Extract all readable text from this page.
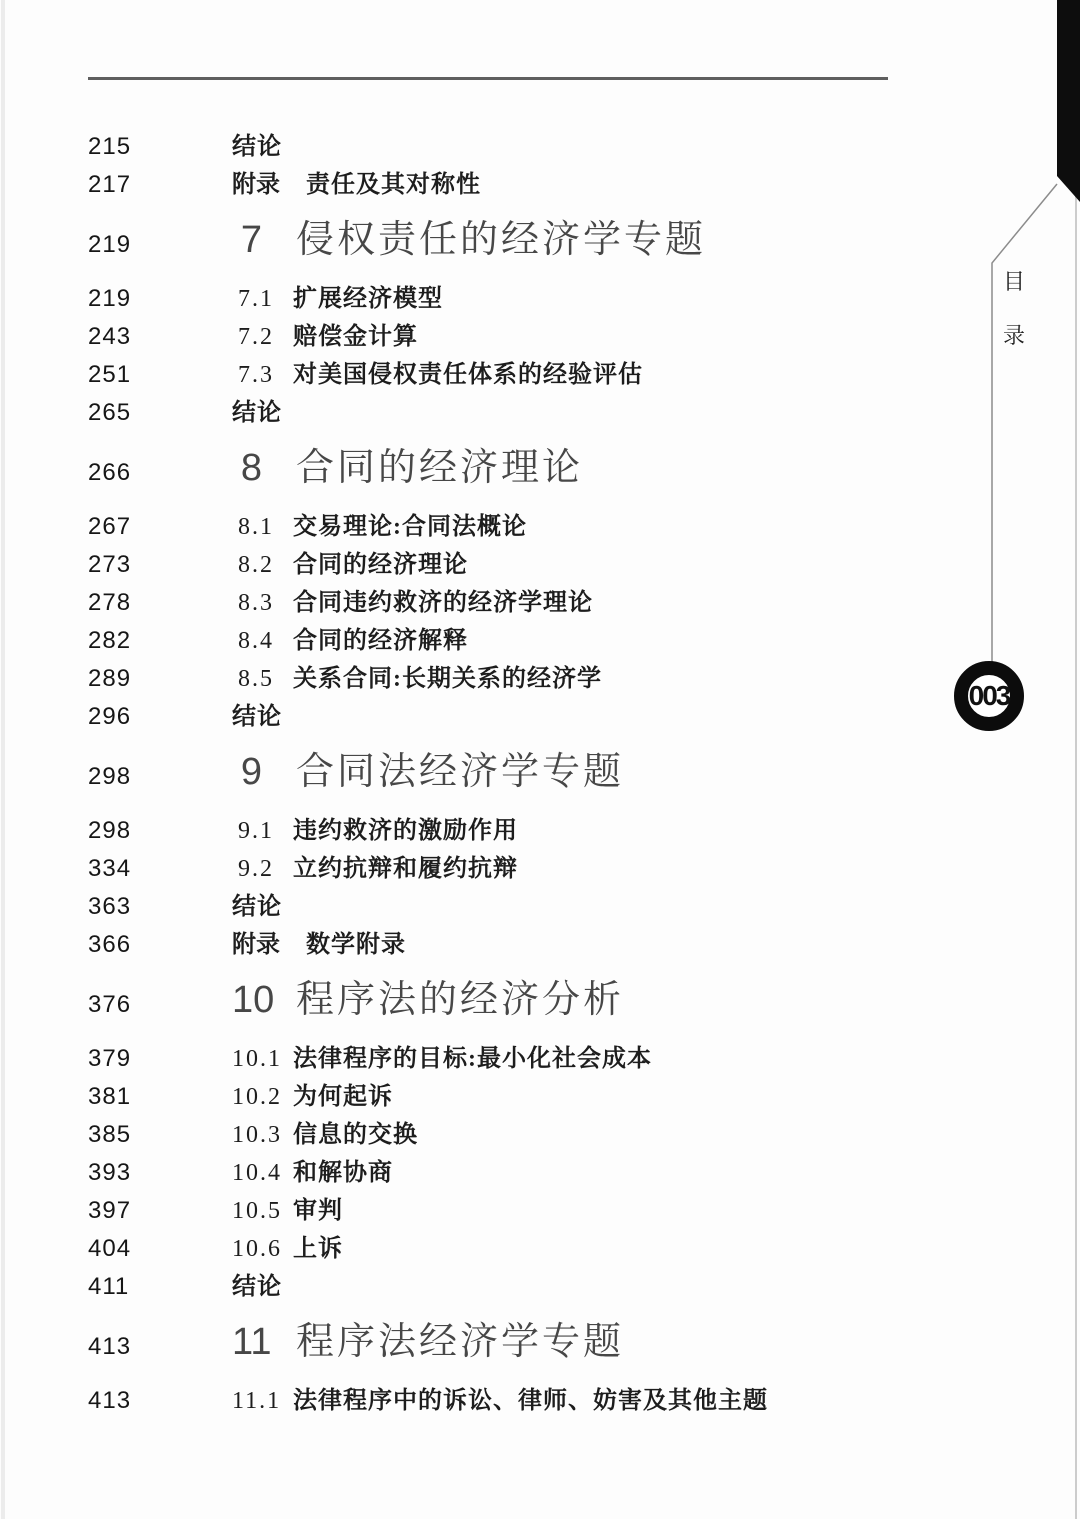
215	结论
217	附录 责任及其对称性
219	7 侵权责任的经济学专题
219	7.1 扩展经济模型
243	7.2 赔偿金计算
251	7.3 对美国侵权责任体系的经验评估
265	结论
266	8 合同的经济理论
267	8.1 交易理论:合同法概论
273	8.2 合同的经济理论
278	8.3 合同违约救济的经济学理论
282	8.4 合同的经济解释
289	8.5 关系合同:长期关系的经济学
296	结论
298	9 合同法经济学专题
298	9.1 违约救济的激励作用
334	9.2 立约抗辩和履约抗辩
363	结论
366	附录 数学附录
376	10 程序法的经济分析
379	10.1 法律程序的目标:最小化社会成本
381	10.2 为何起诉
385	10.3 信息的交换
393	10.4 和解协商
397	10.5 审判
404	10.6 上诉
411	结论
413	11 程序法经济学专题
413	11.1 法律程序中的诉讼、律师、妨害及其他主题
目
录
003
